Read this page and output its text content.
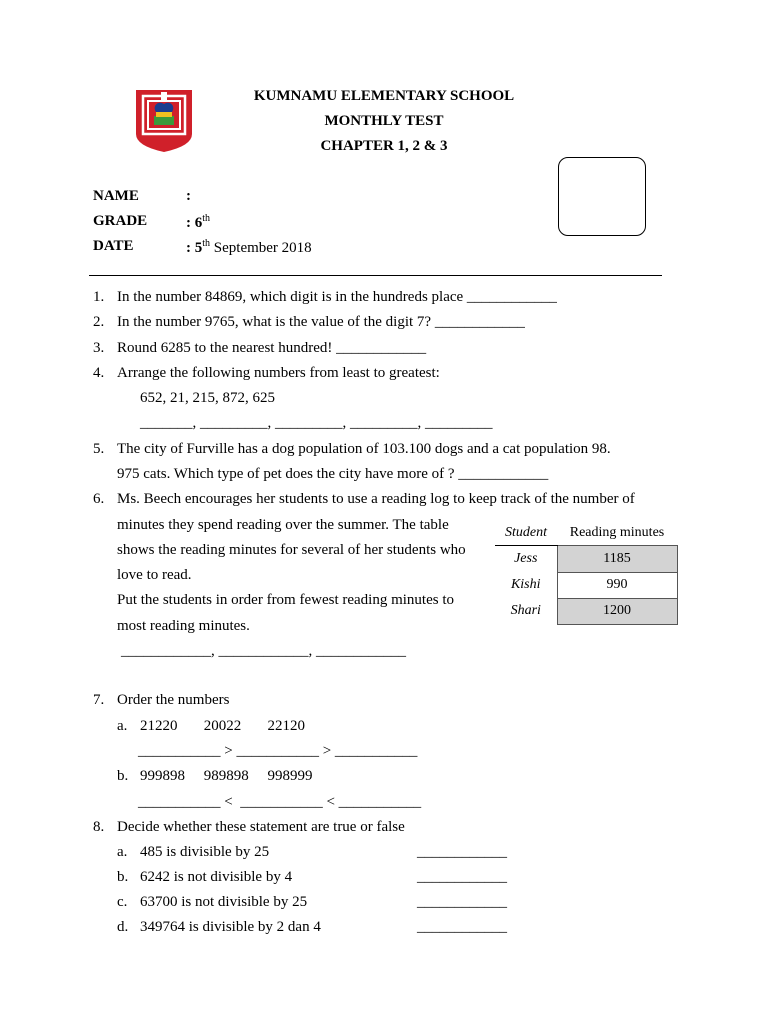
KUMNAMU ELEMENTARY SCHOOL
MONTHLY TEST
CHAPTER 1, 2 & 3
NAME	:
GRADE	: 6th
DATE	: 5th September 2018
1. In the number 84869, which digit is in the hundreds place ____________
2. In the number 9765, what is the value of the digit 7? ____________
3. Round 6285 to the nearest hundred! ____________
4. Arrange the following numbers from least to greatest:
652, 21, 215, 872, 625
_______, _________, _________, _________, _________
5. The city of Furville has a dog population of 103.100 dogs and a cat population 98.
975 cats. Which type of pet does the city have more of ? ____________
6. Ms. Beech encourages her students to use a reading log to keep track of the number of
minutes they spend reading over the summer. The table
shows the reading minutes for several of her students who
love to read.
Put the students in order from fewest reading minutes to
most reading minutes.
____________, ____________, ____________
Student	Reading minutes
Jess	1185
Kishi	990
Shari	1200
7. Order the numbers
a. 21220       20022       22120
___________ > ___________ > ___________
b. 999898     989898     998999
___________ <  ___________ < ___________
8. Decide whether these statement are true or false
a. 485 is divisible by 25	____________
b. 6242 is not divisible by 4	____________
c. 63700 is not divisible by 25	____________
d. 349764 is divisible by 2 dan 4	____________
